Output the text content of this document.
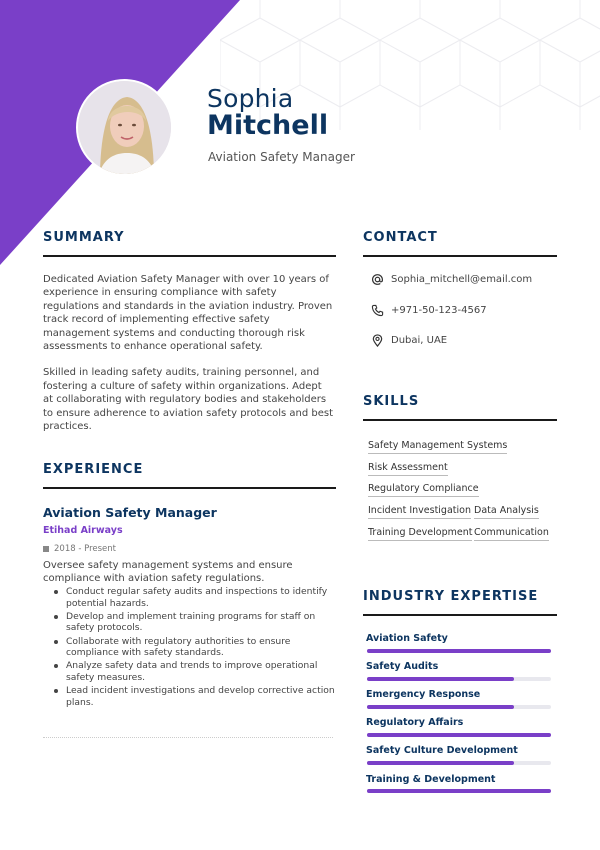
Sophia
Mitchell
Aviation Safety Manager
SUMMARY

Dedicated Aviation Safety Manager with over 10 years of experience in ensuring compliance with safety regulations and standards in the aviation industry. Proven track record of implementing effective safety management systems and conducting thorough risk assessments to enhance operational safety.

Skilled in leading safety audits, training personnel, and fostering a culture of safety within organizations. Adept at collaborating with regulatory bodies and stakeholders to ensure adherence to aviation safety protocols and best practices.

EXPERIENCE
Aviation Safety Manager
Etihad Airways
2018 - Present
Oversee safety management systems and ensure compliance with aviation safety regulations.
Conduct regular safety audits and inspections to identify potential hazards.
Develop and implement training programs for staff on safety protocols.
Collaborate with regulatory authorities to ensure compliance with safety standards.
Analyze safety data and trends to improve operational safety measures.
Lead incident investigations and develop corrective action plans.
CONTACT
Sophia_mitchell@email.com
+971-50-123-4567
Dubai, UAE
SKILLS
Safety Management Systems
Risk Assessment
Regulatory Compliance
Incident Investigation Data Analysis
Training Development Communication
INDUSTRY EXPERTISE
Aviation Safety
Safety Audits
Emergency Response
Regulatory Affairs
Safety Culture Development
Training & Development
